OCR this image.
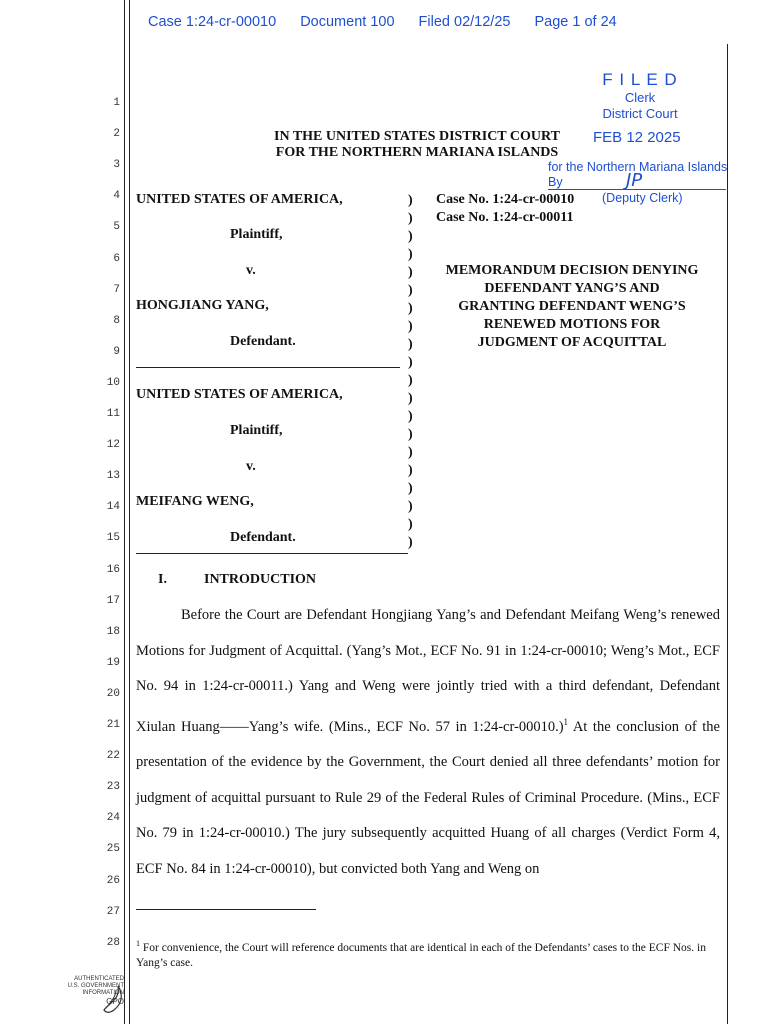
Case 1:24-cr-00010 Document 100 Filed 02/12/25 Page 1 of 24
1
2
3
4
5
6
7
8
9
10
11
12
13
14
15
16
17
18
19
20
21
22
23
24
25
26
27
28
F I L E D
Clerk
District Court
FEB 12 2025
for the Northern Mariana Islands
By	JP
(Deputy Clerk)
IN THE UNITED STATES DISTRICT COURT
FOR THE NORTHERN MARIANA ISLANDS
UNITED STATES OF AMERICA,
Plaintiff,
v.
HONGJIANG YANG,
Defendant.
UNITED STATES OF AMERICA,
Plaintiff,
v.
MEIFANG WENG,
Defendant.
)
)
)
)
)
)
)
)
)
)
)
)
)
)
)
)
)
)
)
)
Case No. 1:24-cr-00010
Case No. 1:24-cr-00011
MEMORANDUM DECISION DENYING
DEFENDANT YANG’S AND
GRANTING DEFENDANT WENG’S
RENEWED MOTIONS FOR
JUDGMENT OF ACQUITTAL
I.	INTRODUCTION

Before the Court are Defendant Hongjiang Yang’s and Defendant Meifang Weng’s renewed Motions for Judgment of Acquittal. (Yang’s Mot., ECF No. 91 in 1:24-cr-00010; Weng’s Mot., ECF No. 94 in 1:24-cr-00011.) Yang and Weng were jointly tried with a third defendant, Defendant Xiulan Huang——Yang’s wife. (Mins., ECF No. 57 in 1:24-cr-00010.)$^1$ At the conclusion of the presentation of the evidence by the Government, the Court denied all three defendants’ motion for judgment of acquittal pursuant to Rule 29 of the Federal Rules of Criminal Procedure. (Mins., ECF No. 79 in 1:24-cr-00010.) The jury subsequently acquitted Huang of all charges (Verdict Form 4, ECF No. 84 in 1:24-cr-00010), but convicted both Yang and Weng on

$^1$ For convenience, the Court will reference documents that are identical in each of the Defendants’ cases to the ECF Nos. in Yang’s case.
AUTHENTICATED
U.S. GOVERNMENT
INFORMATION
GPO
